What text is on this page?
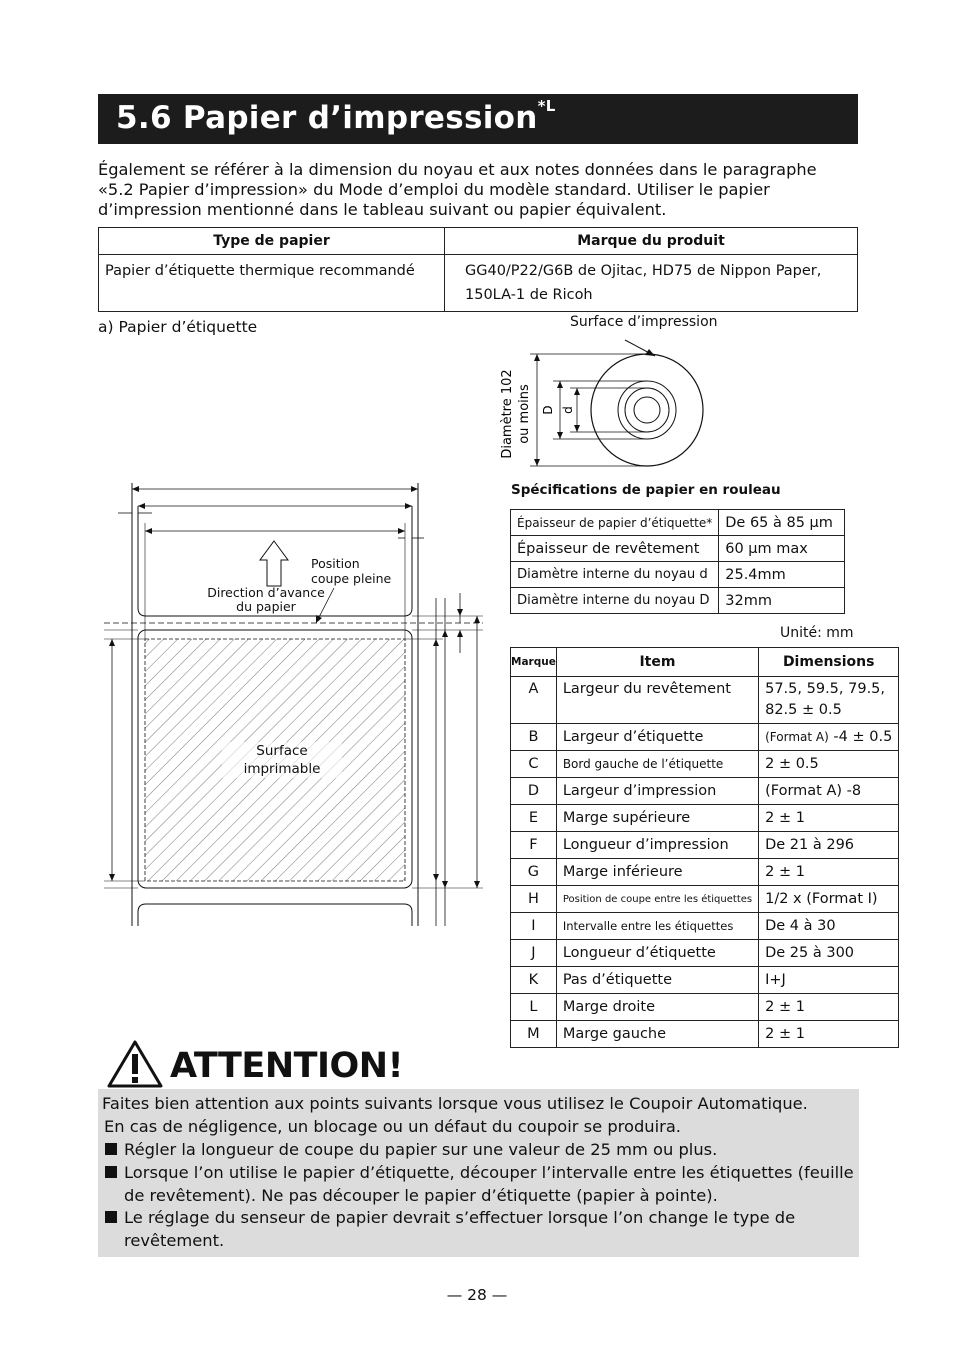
5.6 Papier d’impression$^{*L}$
Également se référer à la dimension du noyau et aux notes données dans le paragraphe
«5.2 Papier d’impression» du Mode d’emploi du modèle standard. Utiliser le papier
d’impression mentionné dans le tableau suivant ou papier équivalent.
Type de papier	Marque du produit
Papier d’étiquette thermique recommandé	GG40/P22/G6B de Ojitac, HD75 de Nippon Paper,
150LA-1 de Ricoh
a) Papier d’étiquette	Surface d’impression
D d
Diamètre 102 ou moins
Position
coupe pleine
Direction d’avance
du papier
Surface
imprimable
Spécifications de papier en rouleau
Épaisseur de papier d’étiquette*	De 65 à 85 µm
Épaisseur de revêtement	60 µm max
Diamètre interne du noyau d	25.4mm
Diamètre interne du noyau D	32mm
Unité: mm
Marque	Item	Dimensions
A	Largeur du revêtement	57.5, 59.5, 79.5,
82.5 ± 0.5

B	Largeur d’étiquette	(Format A) -4 ± 0.5
C	Bord gauche de l’étiquette	2 ± 0.5
D	Largeur d’impression	(Format A) -8
E	Marge supérieure	2 ± 1
F	Longueur d’impression	De 21 à 296
G	Marge inférieure	2 ± 1
H	Position de coupe entre les étiquettes	1/2 x (Format I)
I	Intervalle entre les étiquettes	De 4 à 30
J	Longueur d’étiquette	De 25 à 300
K	Pas d’étiquette	I+J
L	Marge droite	2 ± 1
M	Marge gauche	2 ± 1
ATTENTION!
Faites bien attention aux points suivants lorsque vous utilisez le Coupoir Automatique.
En cas de négligence, un blocage ou un défaut du coupoir se produira.
Régler la longueur de coupe du papier sur une valeur de 25 mm ou plus.
Lorsque l’on utilise le papier d’étiquette, découper l’intervalle entre les étiquettes (feuille
de revêtement). Ne pas découper le papier d’étiquette (papier à pointe).
Le réglage du senseur de papier devrait s’effectuer lorsque l’on change le type de
revêtement.
— 28 —
